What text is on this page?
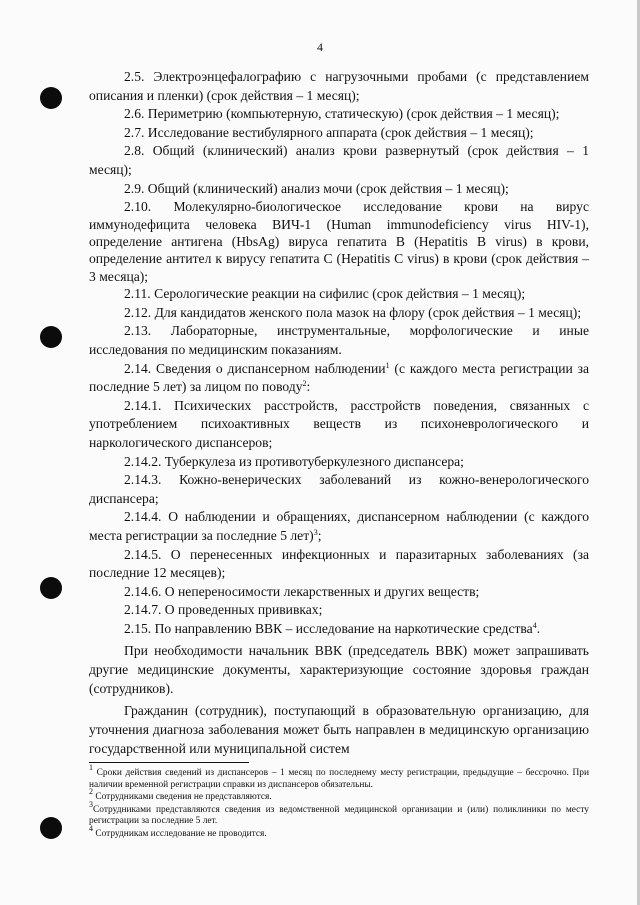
4

2.5. Электроэнцефалографию с нагрузочными пробами (с представлением описания и пленки) (срок действия – 1 месяц);

2.6. Периметрию (компьютерную, статическую) (срок действия – 1 месяц);

2.7. Исследование вестибулярного аппарата (срок действия – 1 месяц);

2.8. Общий (клинический) анализ крови развернутый (срок действия – 1 месяц);

2.9. Общий (клинический) анализ мочи (срок действия – 1 месяц);

2.10. Молекулярно-биологическое исследование крови на вирус иммунодефицита человека ВИЧ-1 (Human immunodeficiency virus HIV-1), определение антигена (HbsAg) вируса гепатита B (Hepatitis B virus) в крови, определение антител к вирусу гепатита C (Hepatitis C virus) в крови (срок действия – 3 месяца);

2.11. Серологические реакции на сифилис (срок действия – 1 месяц);

2.12. Для кандидатов женского пола мазок на флору (срок действия – 1 месяц);

2.13. Лабораторные, инструментальные, морфологические и иные исследования по медицинским показаниям.

2.14. Сведения о диспансерном наблюдении$^1$ (с каждого места регистрации за последние 5 лет) за лицом по поводу$^2$:

2.14.1. Психических расстройств, расстройств поведения, связанных с употреблением психоактивных веществ из психоневрологического и наркологического диспансеров;

2.14.2. Туберкулеза из противотуберкулезного диспансера;

2.14.3. Кожно-венерических заболеваний из кожно-венерологического диспансера;

2.14.4. О наблюдении и обращениях, диспансерном наблюдении (с каждого места регистрации за последние 5 лет)$^3$;

2.14.5. О перенесенных инфекционных и паразитарных заболеваниях (за последние 12 месяцев);

2.14.6. О непереносимости лекарственных и других веществ;

2.14.7. О проведенных прививках;

2.15. По направлению ВВК – исследование на наркотические средства$^4$.

При необходимости начальник ВВК (председатель ВВК) может запрашивать другие медицинские документы, характеризующие состояние здоровья граждан (сотрудников).

Гражданин (сотрудник), поступающий в образовательную организацию, для уточнения диагноза заболевания может быть направлен в медицинскую организацию государственной или муниципальной систем

$^1$ Сроки действия сведений из диспансеров – 1 месяц по последнему месту регистрации, предыдущие – бессрочно. При наличии временной регистрации справки из диспансеров обязательны.

$^2$ Сотрудниками сведения не представляются.

$^3$Сотрудниками представляются сведения из ведомственной медицинской организации и (или) поликлиники по месту регистрации за последние 5 лет.

$^4$ Сотрудникам исследование не проводится.
